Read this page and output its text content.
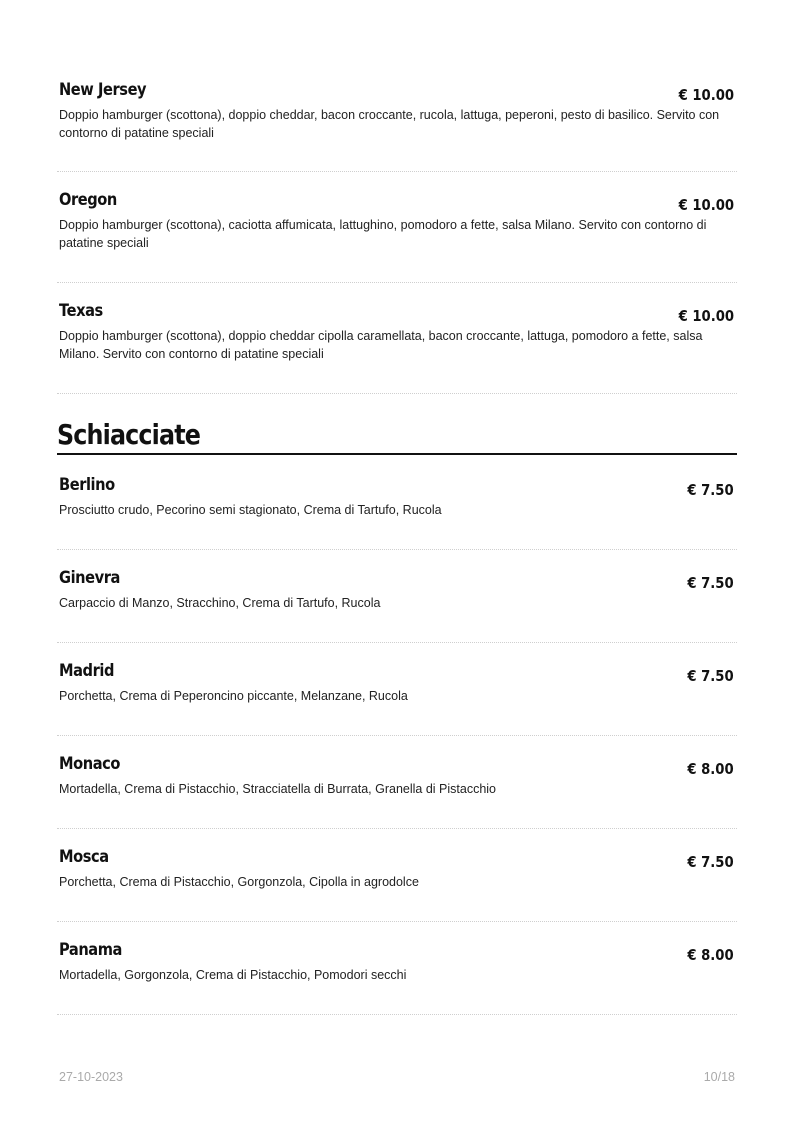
New Jersey	€ 10.00
Doppio hamburger (scottona), doppio cheddar, bacon croccante, rucola, lattuga, peperoni, pesto di basilico. Servito con contorno di patatine speciali
Oregon	€ 10.00
Doppio hamburger (scottona), caciotta affumicata, lattughino, pomodoro a fette, salsa Milano. Servito con contorno di patatine speciali
Texas	€ 10.00
Doppio hamburger (scottona), doppio cheddar cipolla caramellata, bacon croccante, lattuga, pomodoro a fette, salsa Milano. Servito con contorno di patatine speciali
Schiacciate
Berlino	€ 7.50
Prosciutto crudo, Pecorino semi stagionato, Crema di Tartufo, Rucola
Ginevra	€ 7.50
Carpaccio di Manzo, Stracchino, Crema di Tartufo, Rucola
Madrid	€ 7.50
Porchetta, Crema di Peperoncino piccante, Melanzane, Rucola
Monaco	€ 8.00
Mortadella, Crema di Pistacchio, Stracciatella di Burrata, Granella di Pistacchio
Mosca	€ 7.50
Porchetta, Crema di Pistacchio, Gorgonzola, Cipolla in agrodolce
Panama	€ 8.00
Mortadella, Gorgonzola, Crema di Pistacchio, Pomodori secchi
27-10-2023	10/18
